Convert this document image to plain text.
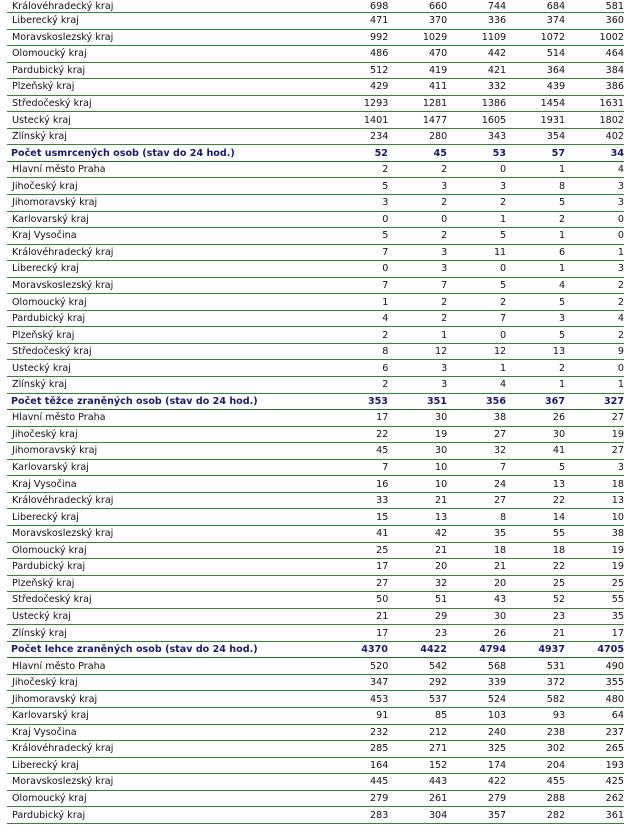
Královéhradecký kraj	698	660	744	684	581
Liberecký kraj	471	370	336	374	360
Moravskoslezský kraj	992	1029	1109	1072	1002
Olomoucký kraj	486	470	442	514	464
Pardubický kraj	512	419	421	364	384
Plzeňský kraj	429	411	332	439	386
Středočeský kraj	1293	1281	1386	1454	1631
Ústecký kraj	1401	1477	1605	1931	1802
Zlínský kraj	234	280	343	354	402
Počet usmrcených osob (stav do 24 hod.)	52	45	53	57	34
Hlavní město Praha	2	2	0	1	4
Jihočeský kraj	5	3	3	8	3
Jihomoravský kraj	3	2	2	5	3
Karlovarský kraj	0	0	1	2	0
Kraj Vysočina	5	2	5	1	0
Královéhradecký kraj	7	3	11	6	1
Liberecký kraj	0	3	0	1	3
Moravskoslezský kraj	7	7	5	4	2
Olomoucký kraj	1	2	2	5	2
Pardubický kraj	4	2	7	3	4
Plzeňský kraj	2	1	0	5	2
Středočeský kraj	8	12	12	13	9
Ústecký kraj	6	3	1	2	0
Zlínský kraj	2	3	4	1	1
Počet těžce zraněných osob (stav do 24 hod.)	353	351	356	367	327
Hlavní město Praha	17	30	38	26	27
Jihočeský kraj	22	19	27	30	19
Jihomoravský kraj	45	30	32	41	27
Karlovarský kraj	7	10	7	5	3
Kraj Vysočina	16	10	24	13	18
Královéhradecký kraj	33	21	27	22	13
Liberecký kraj	15	13	8	14	10
Moravskoslezský kraj	41	42	35	55	38
Olomoucký kraj	25	21	18	18	19
Pardubický kraj	17	20	21	22	19
Plzeňský kraj	27	32	20	25	25
Středočeský kraj	50	51	43	52	55
Ústecký kraj	21	29	30	23	35
Zlínský kraj	17	23	26	21	17
Počet lehce zraněných osob (stav do 24 hod.)	4370	4422	4794	4937	4705
Hlavní město Praha	520	542	568	531	490
Jihočeský kraj	347	292	339	372	355
Jihomoravský kraj	453	537	524	582	480
Karlovarský kraj	91	85	103	93	64
Kraj Vysočina	232	212	240	238	237
Královéhradecký kraj	285	271	325	302	265
Liberecký kraj	164	152	174	204	193
Moravskoslezský kraj	445	443	422	455	425
Olomoucký kraj	279	261	279	288	262
Pardubický kraj	283	304	357	282	361
